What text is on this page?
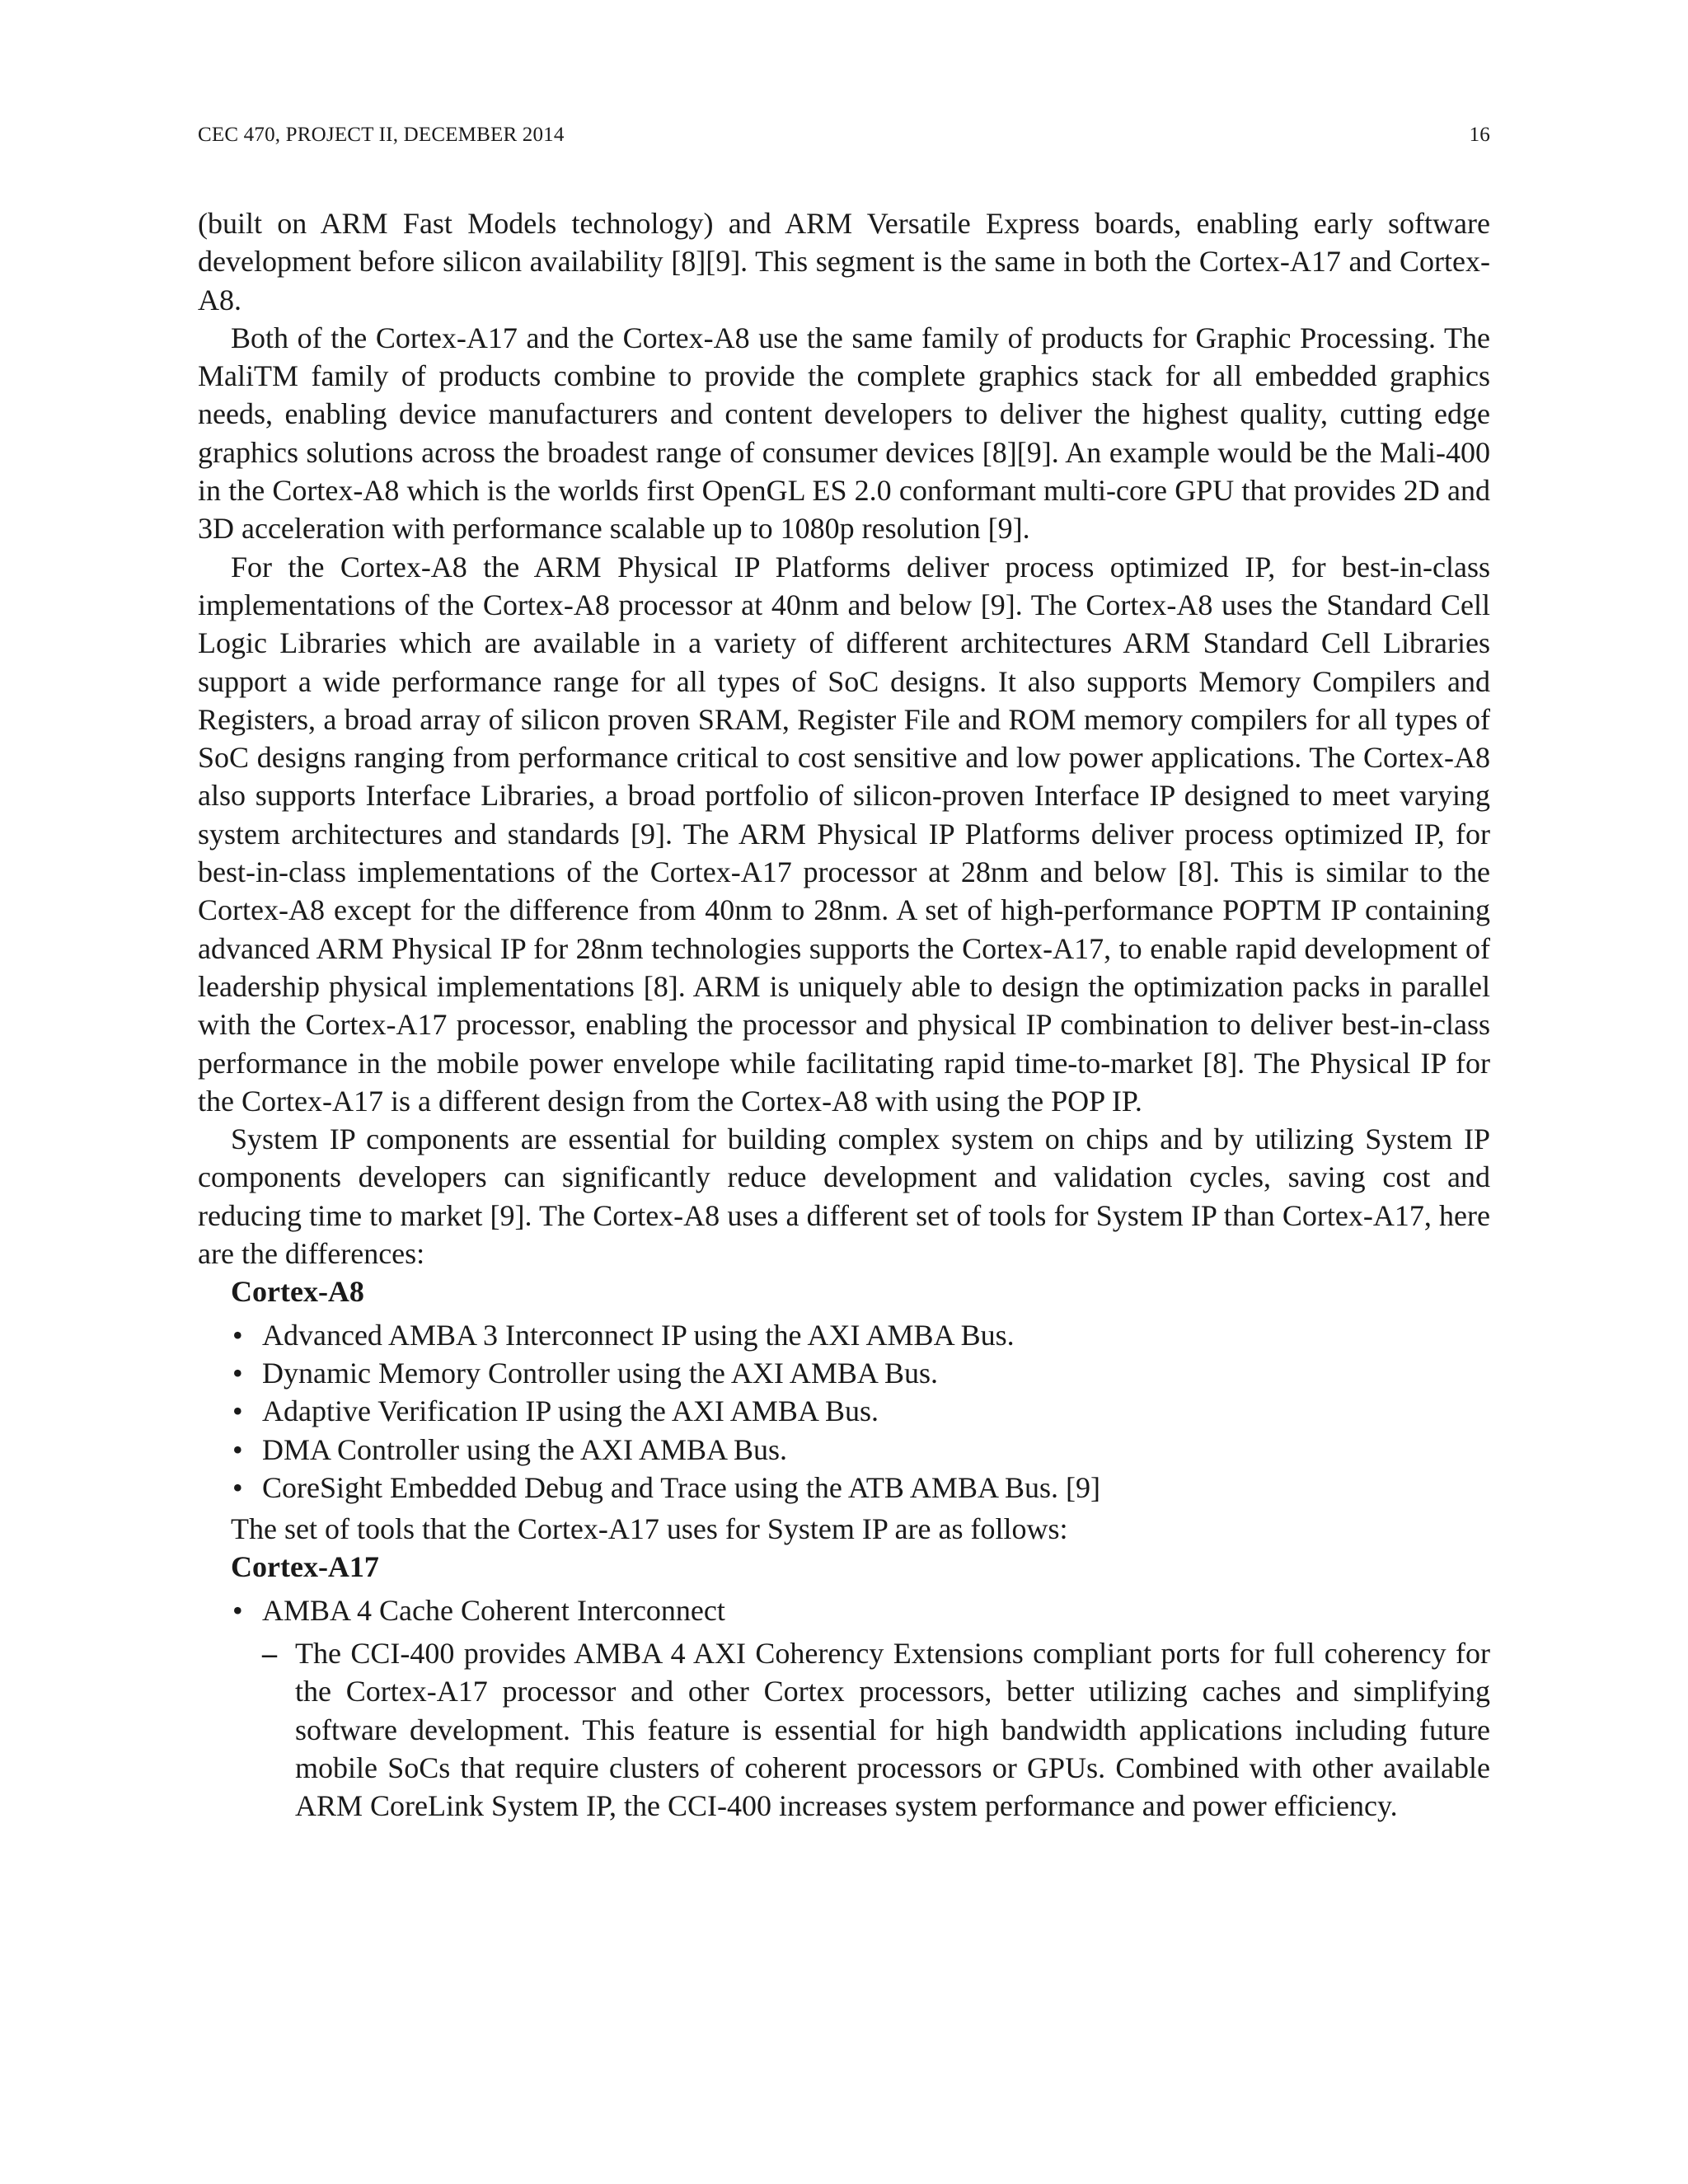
CEC 470, PROJECT II, DECEMBER 2014	16

(built on ARM Fast Models technology) and ARM Versatile Express boards, enabling early software development before silicon availability [8][9]. This segment is the same in both the Cortex-A17 and Cortex-A8.

Both of the Cortex-A17 and the Cortex-A8 use the same family of products for Graphic Processing. The MaliTM family of products combine to provide the complete graphics stack for all embedded graphics needs, enabling device manufacturers and content developers to deliver the highest quality, cutting edge graphics solutions across the broadest range of consumer devices [8][9]. An example would be the Mali-400 in the Cortex-A8 which is the worlds first OpenGL ES 2.0 conformant multi-core GPU that provides 2D and 3D acceleration with performance scalable up to 1080p resolution [9].

For the Cortex-A8 the ARM Physical IP Platforms deliver process optimized IP, for best-in-class implementations of the Cortex-A8 processor at 40nm and below [9]. The Cortex-A8 uses the Standard Cell Logic Libraries which are available in a variety of different architectures ARM Standard Cell Libraries support a wide performance range for all types of SoC designs. It also supports Memory Compilers and Registers, a broad array of silicon proven SRAM, Register File and ROM memory compilers for all types of SoC designs ranging from performance critical to cost sensitive and low power applications. The Cortex-A8 also supports Interface Libraries, a broad portfolio of silicon-proven Interface IP designed to meet varying system architectures and standards [9]. The ARM Physical IP Platforms deliver process optimized IP, for best-in-class implementations of the Cortex-A17 processor at 28nm and below [8]. This is similar to the Cortex-A8 except for the difference from 40nm to 28nm. A set of high-performance POPTM IP containing advanced ARM Physical IP for 28nm technologies supports the Cortex-A17, to enable rapid development of leadership physical implementations [8]. ARM is uniquely able to design the optimization packs in parallel with the Cortex-A17 processor, enabling the processor and physical IP combination to deliver best-in-class performance in the mobile power envelope while facilitating rapid time-to-market [8]. The Physical IP for the Cortex-A17 is a different design from the Cortex-A8 with using the POP IP.

System IP components are essential for building complex system on chips and by utilizing System IP components developers can significantly reduce development and validation cycles, saving cost and reducing time to market [9]. The Cortex-A8 uses a different set of tools for System IP than Cortex-A17, here are the differences:

Cortex-A8

• Advanced AMBA 3 Interconnect IP using the AXI AMBA Bus.
• Dynamic Memory Controller using the AXI AMBA Bus.
• Adaptive Verification IP using the AXI AMBA Bus.
• DMA Controller using the AXI AMBA Bus.
• CoreSight Embedded Debug and Trace using the ATB AMBA Bus. [9]

The set of tools that the Cortex-A17 uses for System IP are as follows:

Cortex-A17

• AMBA 4 Cache Coherent Interconnect
– The CCI-400 provides AMBA 4 AXI Coherency Extensions compliant ports for full coherency for the Cortex-A17 processor and other Cortex processors, better utilizing caches and simplifying software development. This feature is essential for high bandwidth applications including future mobile SoCs that require clusters of coherent processors or GPUs. Combined with other available ARM CoreLink System IP, the CCI-400 increases system performance and power efficiency.
